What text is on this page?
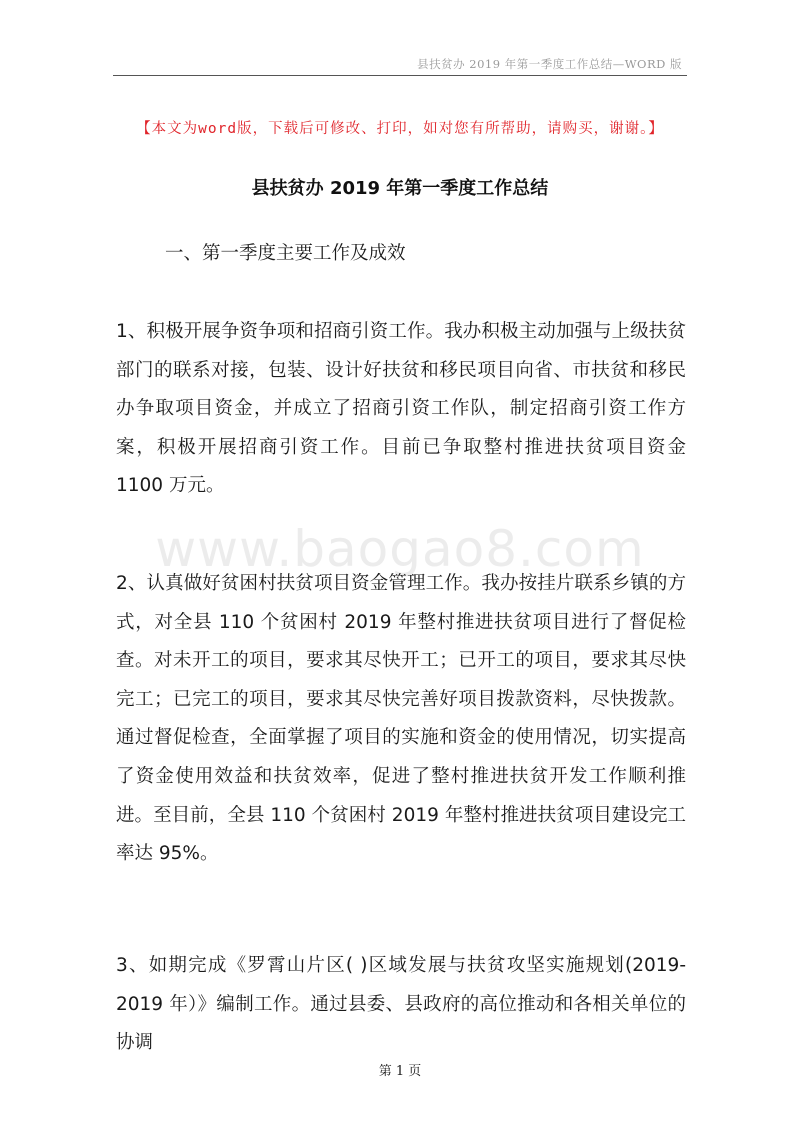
县扶贫办 2019 年第一季度工作总结—WORD 版
【本文为word版，下载后可修改、打印，如对您有所帮助，请购买，谢谢。】
县扶贫办 2019 年第一季度工作总结
一、第一季度主要工作及成效
1、积极开展争资争项和招商引资工作。我办积极主动加强与上级扶贫部门的联系对接，包装、设计好扶贫和移民项目向省、市扶贫和移民办争取项目资金，并成立了招商引资工作队，制定招商引资工作方案，积极开展招商引资工作。目前已争取整村推进扶贫项目资金 1100 万元。
www.baogao8.com
2、认真做好贫困村扶贫项目资金管理工作。我办按挂片联系乡镇的方式，对全县 110 个贫困村 2019 年整村推进扶贫项目进行了督促检查。对未开工的项目，要求其尽快开工；已开工的项目，要求其尽快完工；已完工的项目，要求其尽快完善好项目拨款资料，尽快拨款。通过督促检查，全面掌握了项目的实施和资金的使用情况，切实提高了资金使用效益和扶贫效率，促进了整村推进扶贫开发工作顺利推进。至目前，全县 110 个贫困村 2019 年整村推进扶贫项目建设完工率达 95%。
3、如期完成《罗霄山片区( )区域发展与扶贫攻坚实施规划(2019-2019 年）》编制工作。通过县委、县政府的高位推动和各相关单位的协调
第 1 页
